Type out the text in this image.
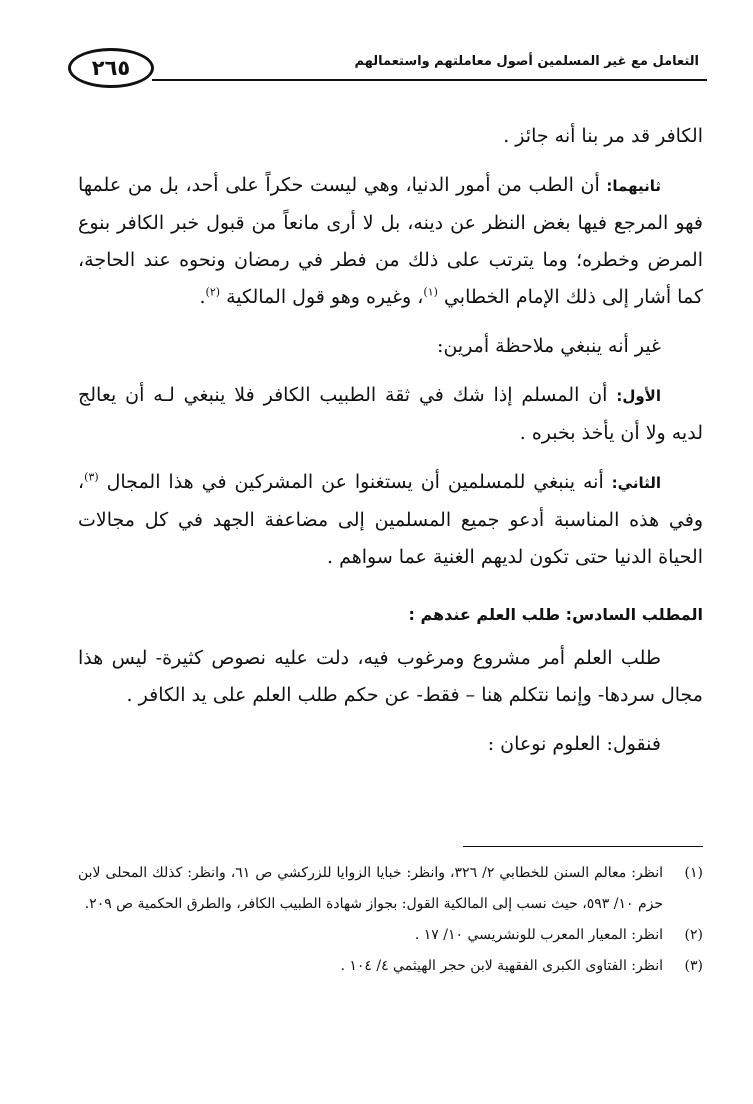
٢٦٥	التعامل مع غير المسلمين أصول معاملتهم واستعمالهم

الكافر قد مر بنا أنه جائز .

ثانيهما: أن الطب من أمور الدنيا، وهي ليست حكراً على أحد، بل من علمها فهو المرجع فيها بغض النظر عن دينه، بل لا أرى مانعاً من قبول خبر الكافر بنوع المرض وخطره؛ وما يترتب على ذلك من فطر في رمضان ونحوه عند الحاجة، كما أشار إلى ذلك الإمام الخطابي $^{(١)}$، وغيره وهو قول المالكية $^{(٢)}$.

غير أنه ينبغي ملاحظة أمرين:

الأول: أن المسلم إذا شك في ثقة الطبيب الكافر فلا ينبغي لـه أن يعالج لديه ولا أن يأخذ بخبره .

الثاني: أنه ينبغي للمسلمين أن يستغنوا عن المشركين في هذا المجال $^{(٣)}$، وفي هذه المناسبة أدعو جميع المسلمين إلى مضاعفة الجهد في كل مجالات الحياة الدنيا حتى تكون لديهم الغنية عما سواهم .

المطلب السادس: طلب العلم عندهم :

طلب العلم أمر مشروع ومرغوب فيه، دلت عليه نصوص كثيرة- ليس هذا مجال سردها- وإنما نتكلم هنا – فقط- عن حكم طلب العلم على يد الكافر .

فنقول: العلوم نوعان :

(١)
انظر: معالم السنن للخطابي ٢/ ٣٢٦، وانظر: خبايا الزوايا للزركشي ص ٦١، وانظر: كذلك المحلى لابن حزم ١٠/ ٥٩٣، حيث نسب إلى المالكية القول: بجواز شهادة الطبيب الكافر، والطرق الحكمية ص ٢٠٩.
(٢)
انظر: المعيار المعرب للونشريسي ١٠/ ١٧ .
(٣)
انظر: الفتاوى الكبرى الفقهية لابن حجر الهيثمي ٤/ ١٠٤ .
